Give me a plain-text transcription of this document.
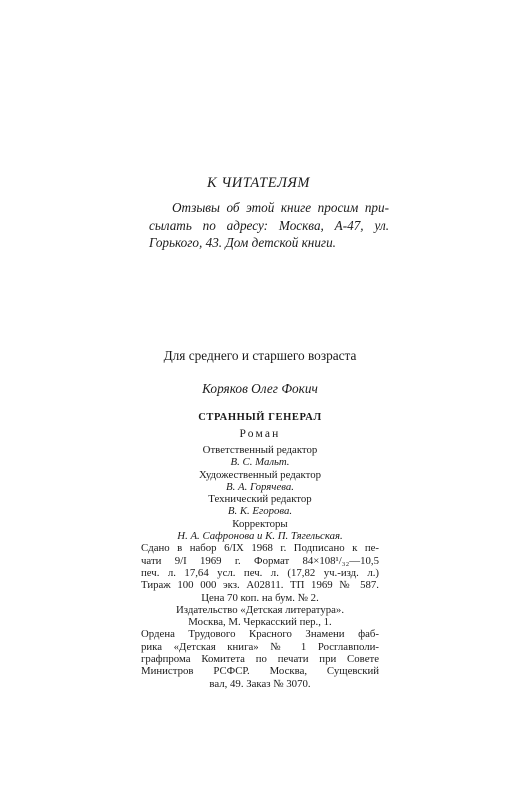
К ЧИТАТЕЛЯМ
Отзывы об этой книге просим при-
сылать по адресу: Москва, А-47, ул.
Горького, 43. Дом детской книги.
Для среднего и старшего возраста
Коряков Олег Фокич
СТРАННЫЙ ГЕНЕРАЛ
Роман
Ответственный редактор
В. С. Мальт.
Художественный редактор
В. А. Горячева.
Технический редактор
В. К. Егорова.
Корректоры
Н. А. Сафронова и К. П. Тягельская.
Сдано в набор 6/IX 1968 г. Подписано к пе-
чати 9/I 1969 г. Формат 84×108¹/₃₂—10,5
печ. л. 17,64 усл. печ. л. (17,82 уч.-изд. л.)
Тираж 100 000 экз. А02811. ТП 1969 № 587.
Цена 70 коп. на бум. № 2.
Издательство «Детская литература».
Москва, М. Черкасский пер., 1.
Ордена Трудового Красного Знамени фаб-
рика «Детская книга» № 1 Росглавполи-
графпрома Комитета по печати при Совете
Министров РСФСР. Москва, Сущевский
вал, 49. Заказ № 3070.
